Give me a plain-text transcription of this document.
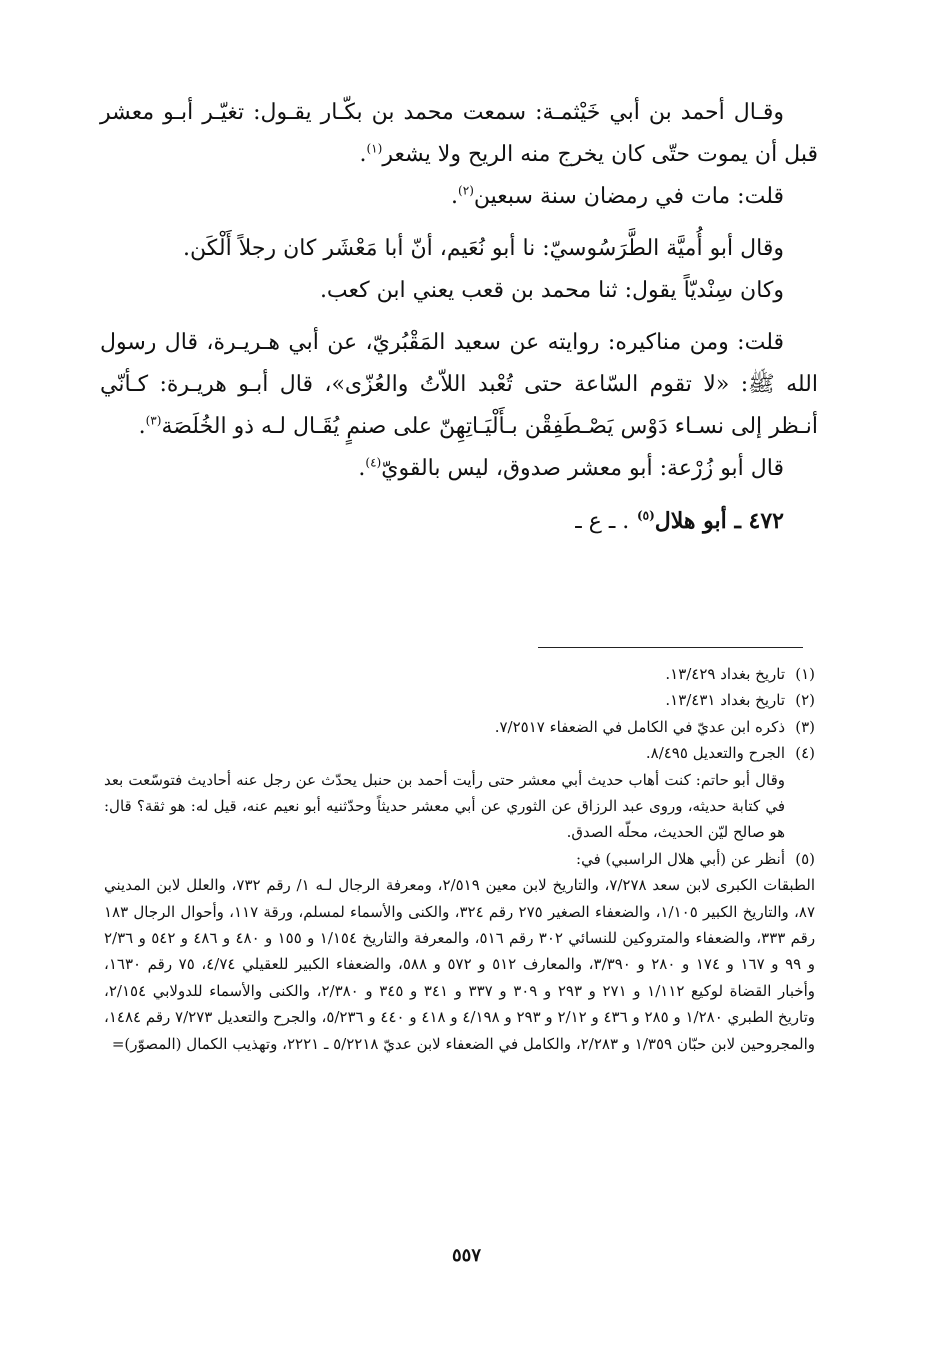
وقـال أحمد بن أبي خَيْثمـة: سمعت محمد بن بكّـار يقـول: تغيّـر أبـو معشر قبل أن يموت حتّى كان يخرج منه الريح ولا يشعر$^{(١)}$.

قلت: مات في رمضان سنة سبعين$^{(٢)}$.

وقال أبو أُميَّة الطَّرَسُوسيّ: نا أبو نُعَيم، أنّ أبا مَعْشَر كان رجلاً أَلْكَن.

وكان سِنْديّاً يقول: ثنا محمد بن قعب يعني ابن كعب.

قلت: ومن مناكيره: روايته عن سعيد المَقْبُريّ، عن أبي هـريـرة، قال رسول الله ﷺ: «لا تقوم السّاعة حتى تُعْبد اللاّتُ والعُزّى»، قال أبـو هريـرة: كـأنّي أنـظر إلى نسـاء دَوْس يَصْـطَفِقْن بـأَلْيَـاتِهِنّ على صنمٍ يُقَـال لـه ذو الخُلَصَة$^{(٣)}$.

قال أبو زُرْعة: أبو معشر صدوق، ليس بالقويّ$^{(٤)}$.

٤٧٢ ـ أبو هلال$^{(٥)}$ . ـ ع ـ

(١)تاريخ بغداد ١٣/٤٢٩.

(٢)تاريخ بغداد ١٣/٤٣١.

(٣)ذكره ابن عديّ في الكامل في الضعفاء ٧/٢٥١٧.

(٤)الجرح والتعديل ٨/٤٩٥.

وقال أبو حاتم: كنت أهاب حديث أبي معشر حتى رأيت أحمد بن حنبل يحدّث عن رجل عنه أحاديث فتوسّعت بعد في كتابة حديثه، وروى عبد الرزاق عن الثوري عن أبي معشر حديثاً وحدّثنيه أبو نعيم عنه، قيل له: هو ثقة؟ قال: هو صالح ليّن الحديث، محلّه الصدق.

(٥)أنظر عن (أبي هلال الراسبي) في:

الطبقات الكبرى لابن سعد ٧/٢٧٨، والتاريخ لابن معين ٢/٥١٩، ومعرفة الرجال لـه ١/ رقم ٧٣٢، والعلل لابن المديني ٨٧، والتاريخ الكبير ١/١٠٥، والضعفاء الصغير ٢٧٥ رقم ٣٢٤، والكنى والأسماء لمسلم، ورقة ١١٧، وأحوال الرجال ١٨٣ رقم ٣٣٣، والضعفاء والمتروكين للنسائي ٣٠٢ رقم ٥١٦، والمعرفة والتاريخ ١/١٥٤ و ١٥٥ و ٤٨٠ و ٤٨٦ و ٥٤٢ و ٢/٣٦ و ٩٩ و ١٦٧ و ١٧٤ و ٢٨٠ و ٣/٣٩٠، والمعارف ٥١٢ و ٥٧٢ و ٥٨٨، والضعفاء الكبير للعقيلي ٤/٧٤، ٧٥ رقم ١٦٣٠، وأخبار القضاة لوكيع ١/١١٢ و ٢٧١ و ٢٩٣ و ٣٠٩ و ٣٣٧ و ٣٤١ و ٣٤٥ و ٢/٣٨٠، والكنى والأسماء للدولابي ٢/١٥٤، وتاريخ الطبري ١/٢٨٠ و ٢٨٥ و ٤٣٦ و ٢/١٢ و ٢٩٣ و ٤/١٩٨ و ٤١٨ و ٤٤٠ و ٥/٢٣٦، والجرح والتعديل ٧/٢٧٣ رقم ١٤٨٤، والمجروحين لابن حبّان ١/٣٥٩ و ٢/٢٨٣، والكامل في الضعفاء لابن عديّ ٥/٢٢١٨ ـ ٢٢٢١، وتهذيب الكمال (المصوّر)=

٥٥٧
